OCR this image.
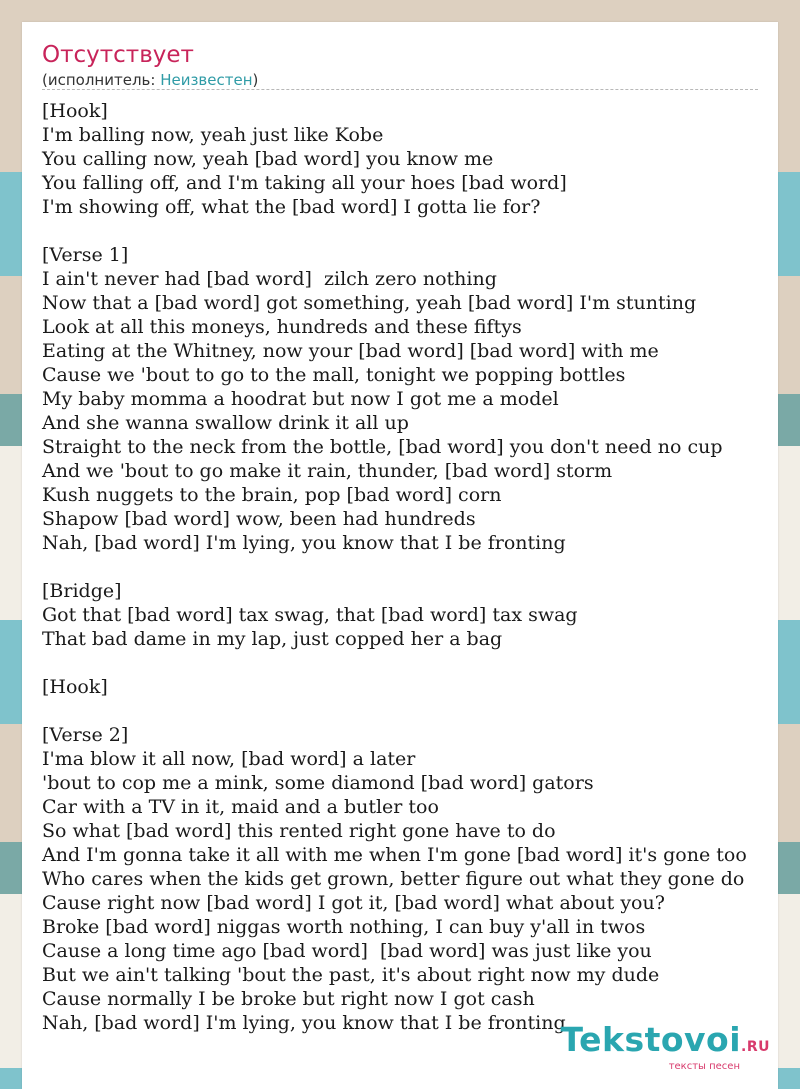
Отсутствует
(исполнитель: Неизвестен)
[Hook]
I'm balling now, yeah just like Kobe
You calling now, yeah [bad word] you know me
You falling off, and I'm taking all your hoes [bad word]
I'm showing off, what the [bad word] I gotta lie for?
[Verse 1]
I ain't never had [bad word]  zilch zero nothing
Now that a [bad word] got something, yeah [bad word] I'm stunting
Look at all this moneys, hundreds and these fiftys
Eating at the Whitney, now your [bad word] [bad word] with me
Cause we 'bout to go to the mall, tonight we popping bottles
My baby momma a hoodrat but now I got me a model
And she wanna swallow drink it all up
Straight to the neck from the bottle, [bad word] you don't need no cup
And we 'bout to go make it rain, thunder, [bad word] storm
Kush nuggets to the brain, pop [bad word] corn
Shapow [bad word] wow, been had hundreds
Nah, [bad word] I'm lying, you know that I be fronting
[Bridge]
Got that [bad word] tax swag, that [bad word] tax swag
That bad dame in my lap, just copped her a bag
[Hook]
[Verse 2]
I'ma blow it all now, [bad word] a later
'bout to cop me a mink, some diamond [bad word] gators
Car with a TV in it, maid and a butler too
So what [bad word] this rented right gone have to do
And I'm gonna take it all with me when I'm gone [bad word] it's gone too
Who cares when the kids get grown, better figure out what they gone do
Cause right now [bad word] I got it, [bad word] what about you?
Broke [bad word] niggas worth nothing, I can buy y'all in twos
Cause a long time ago [bad word]  [bad word] was just like you
But we ain't talking 'bout the past, it's about right now my dude
Cause normally I be broke but right now I got cash
Nah, [bad word] I'm lying, you know that I be fronting
Tekstovoi.RU
тексты песен
